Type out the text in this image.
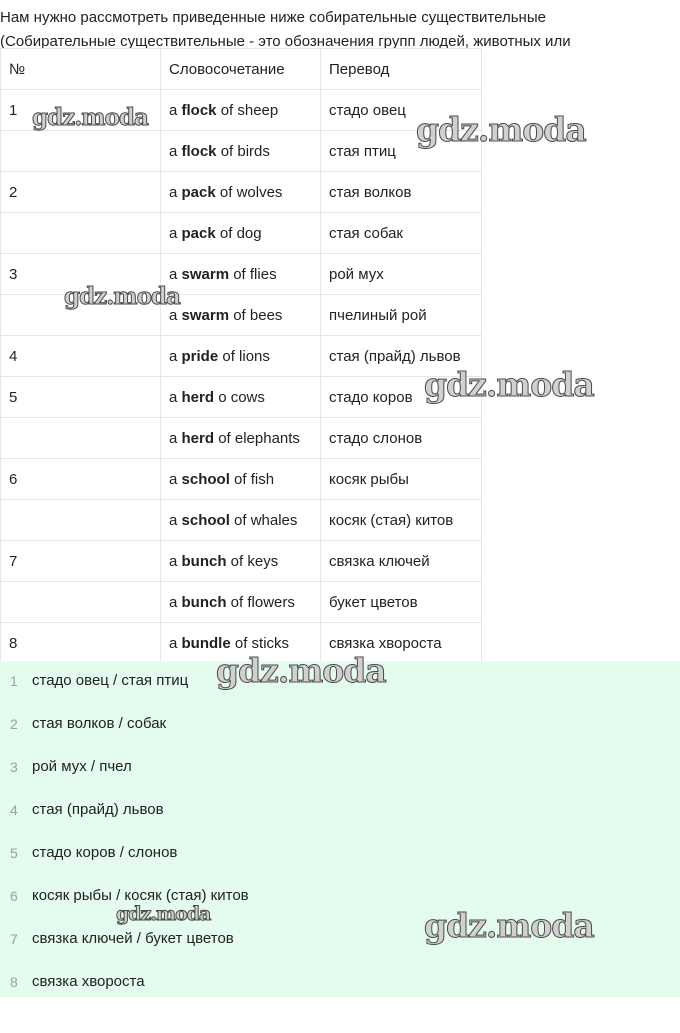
Нам нужно рассмотреть приведенные ниже собирательные существительные

(Собирательные существительные - это обозначения групп людей, животных или

№	Словосочетание	Перевод
1	a flock of sheep	стадо овец
	a flock of birds	стая птиц
2	a pack of wolves	стая волков
	a pack of dog	стая собак
3	a swarm of flies	рой мух
	a swarm of bees	пчелиный рой
4	a pride of lions	стая (прайд) львов
5	a herd o cows	стадо коров
	a herd of elephants	стадо слонов
6	a school of fish	косяк рыбы
	a school of whales	косяк (стая) китов
7	a bunch of keys	связка ключей
	a bunch of flowers	букет цветов
8	a bundle of sticks	связка хвороста
1 стадо овец / стая птиц
2 стая волков / собак
3 рой мух / пчел
4 стая (прайд) львов
5 стадо коров / слонов
6 косяк рыбы / косяк (стая) китов
7 связка ключей / букет цветов
8 связка хвороста
gdz.moda	gdz.moda
gdz.moda
gdz.moda
gdz.moda
gdz.moda	gdz.moda
